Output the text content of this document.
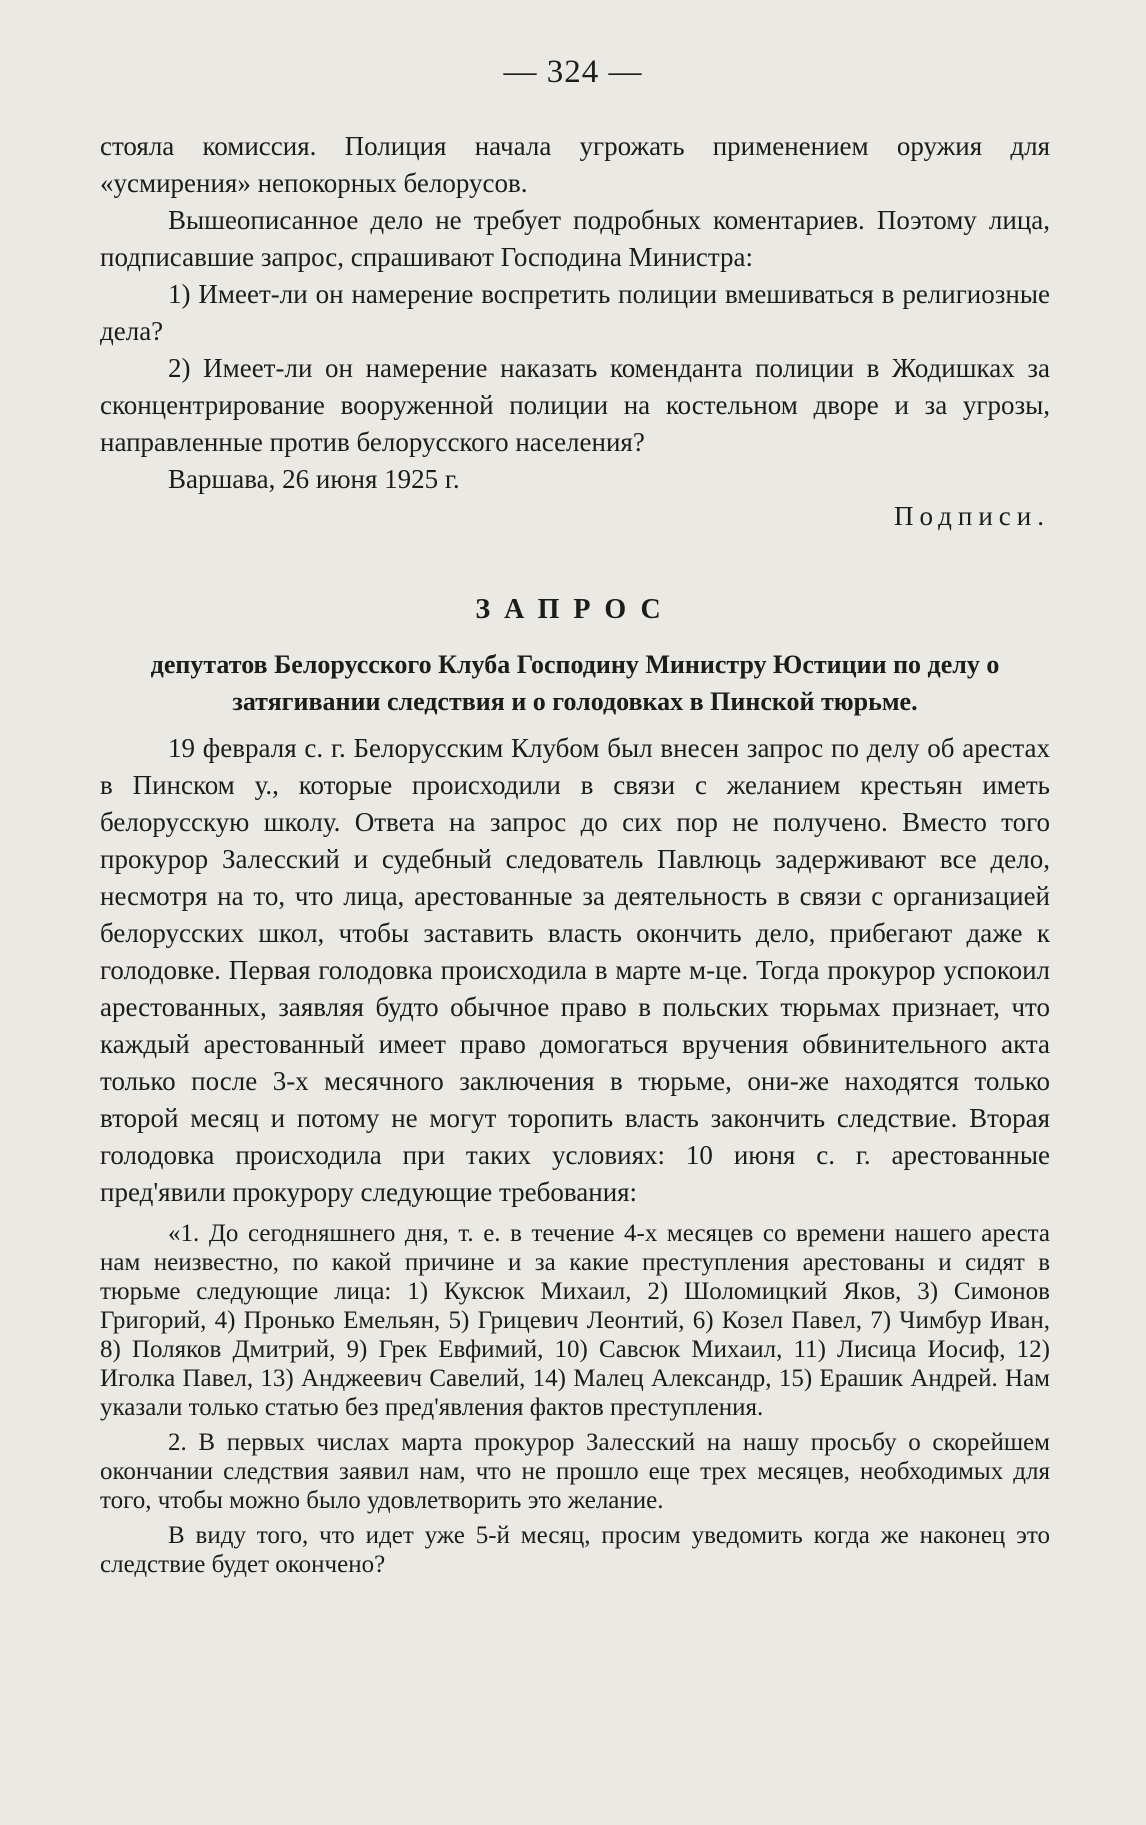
— 324 —

стояла комиссия. Полиция начала угрожать применением оружия для «усмирения» непокорных белорусов.

Вышеописанное дело не требует подробных коментариев. Поэтому лица, подписавшие запрос, спрашивают Господина Министра:

1) Имеет-ли он намерение воспретить полиции вмешиваться в религиозные дела?

2) Имеет-ли он намерение наказать коменданта полиции в Жодишках за сконцентрирование вооруженной полиции на костельном дворе и за угрозы, направленные против белорусского населения?

Варшава, 26 июня 1925 г.

Подписи.
ЗАПРОС
депутатов Белорусского Клуба Господину Министру Юстиции по делу о затягивании следствия и о голодовках в Пинской тюрьме.

19 февраля с. г. Белорусским Клубом был внесен запрос по делу об арестах в Пинском у., которые происходили в связи с желанием крестьян иметь белорусскую школу. Ответа на запрос до сих пор не получено. Вместо того прокурор Залесский и судебный следователь Павлюць задерживают все дело, несмотря на то, что лица, арестованные за деятельность в связи с организацией белорусских школ, чтобы заставить власть окончить дело, прибегают даже к голодовке. Первая голодовка происходила в марте м-це. Тогда прокурор успокоил арестованных, заявляя будто обычное право в польских тюрьмах признает, что каждый арестованный имеет право домогаться вручения обвинительного акта только после 3-х месячного заключения в тюрьме, они-же находятся только второй месяц и потому не могут торопить власть закончить следствие. Вторая голодовка происходила при таких условиях: 10 июня с. г. арестованные пред'явили прокурору следующие требования:

«1. До сегодняшнего дня, т. е. в течение 4-х месяцев со времени нашего ареста нам неизвестно, по какой причине и за какие преступления арестованы и сидят в тюрьме следующие лица: 1) Куксюк Михаил, 2) Шоломицкий Яков, 3) Симонов Григорий, 4) Пронько Емельян, 5) Грицевич Леонтий, 6) Козел Павел, 7) Чимбур Иван, 8) Поляков Дмитрий, 9) Грек Евфимий, 10) Савсюк Михаил, 11) Лисица Иосиф, 12) Иголка Павел, 13) Анджеевич Савелий, 14) Малец Александр, 15) Ерашик Андрей. Нам указали только статью без пред'явления фактов преступления.
2. В первых числах марта прокурор Залесский на нашу просьбу о скорейшем окончании следствия заявил нам, что не прошло еще трех месяцев, необходимых для того, чтобы можно было удовлетворить это желание.
В виду того, что идет уже 5-й месяц, просим уведомить когда же наконец это следствие будет окончено?
